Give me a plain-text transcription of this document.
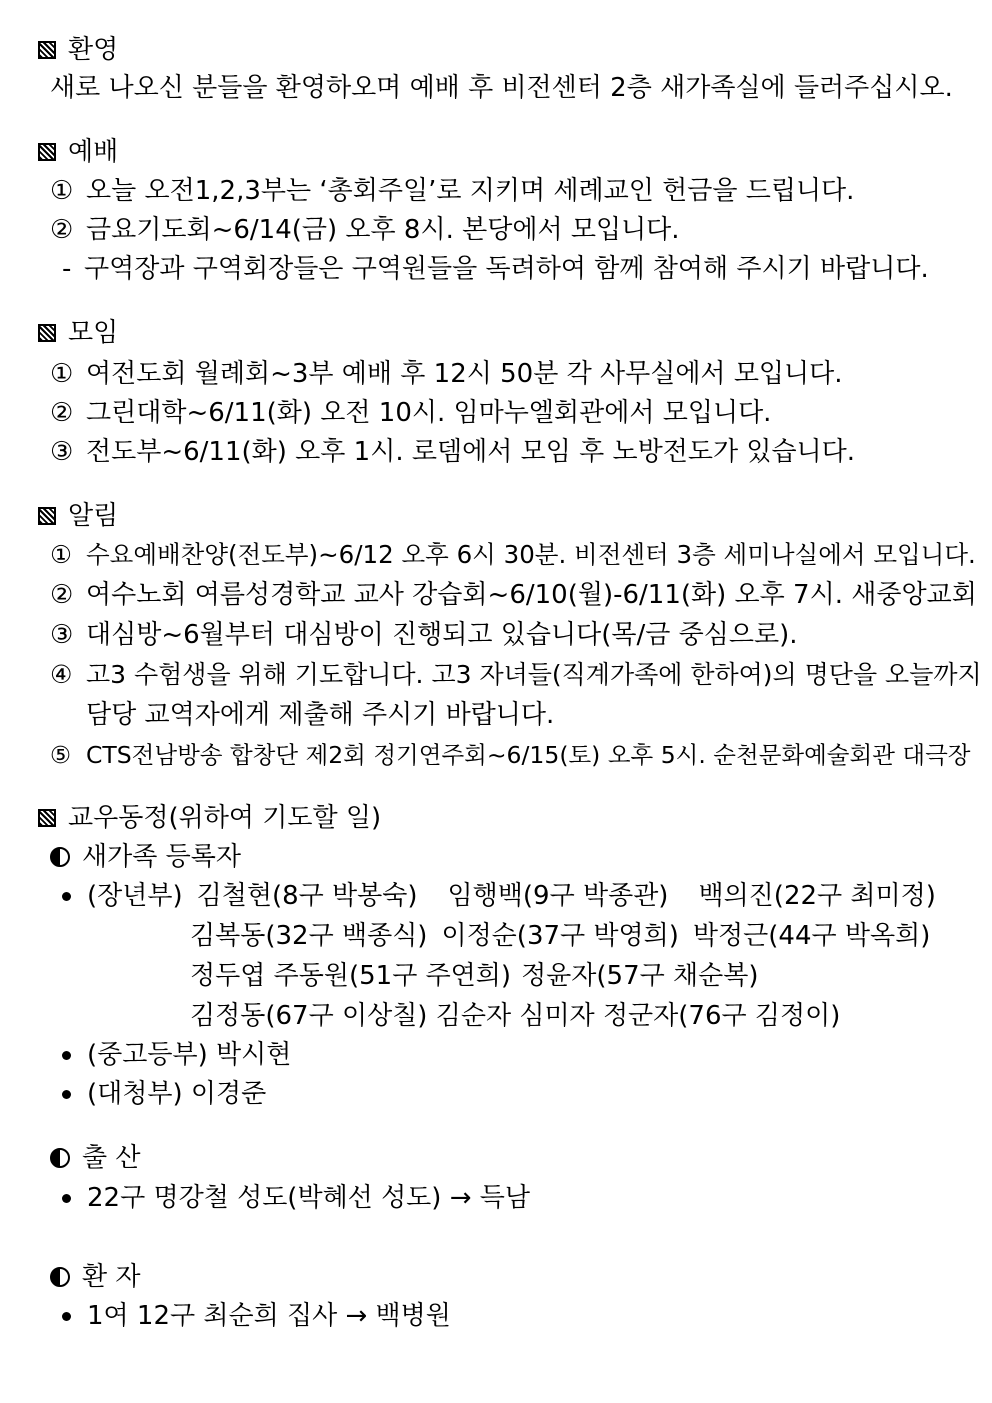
환영
새로 나오신 분들을 환영하오며 예배 후 비전센터 2층 새가족실에 들러주십시오.
예배
① 오늘 오전1,2,3부는 ‘총회주일’로 지키며 세례교인 헌금을 드립니다.
② 금요기도회~6/14(금) 오후 8시. 본당에서 모입니다.
- 구역장과 구역회장들은 구역원들을 독려하여 함께 참여해 주시기 바랍니다.
모임
① 여전도회 월례회~3부 예배 후 12시 50분 각 사무실에서 모입니다.
② 그린대학~6/11(화) 오전 10시. 임마누엘회관에서 모입니다.
③ 전도부~6/11(화) 오후 1시. 로뎀에서 모임 후 노방전도가 있습니다.
알림
① 수요예배찬양(전도부)~6/12 오후 6시 30분. 비전센터 3층 세미나실에서 모입니다.
② 여수노회 여름성경학교 교사 강습회~6/10(월)-6/11(화) 오후 7시. 새중앙교회
③ 대심방~6월부터 대심방이 진행되고 있습니다(목/금 중심으로).
④ 고3 수험생을 위해 기도합니다. 고3 자녀들(직계가족에 한하여)의 명단을 오늘까지
담당 교역자에게 제출해 주시기 바랍니다.
⑤ CTS전남방송 합창단 제2회 정기연주회~6/15(토) 오후 5시. 순천문화예술회관 대극장
교우동정(위하여 기도할 일)
새가족 등록자
(장년부) 김철현(8구 박봉숙) 임행백(9구 박종관) 백의진(22구 최미정)
김복동(32구 백종식) 이정순(37구 박영희) 박정근(44구 박옥희)
정두엽 주동원(51구 주연희) 정윤자(57구 채순복)
김정동(67구 이상칠) 김순자 심미자 정군자(76구 김정이)
(중고등부) 박시현
(대청부) 이경준
출 산
22구 명강철 성도(박혜선 성도) → 득남
환 자
1여 12구 최순희 집사 → 백병원
